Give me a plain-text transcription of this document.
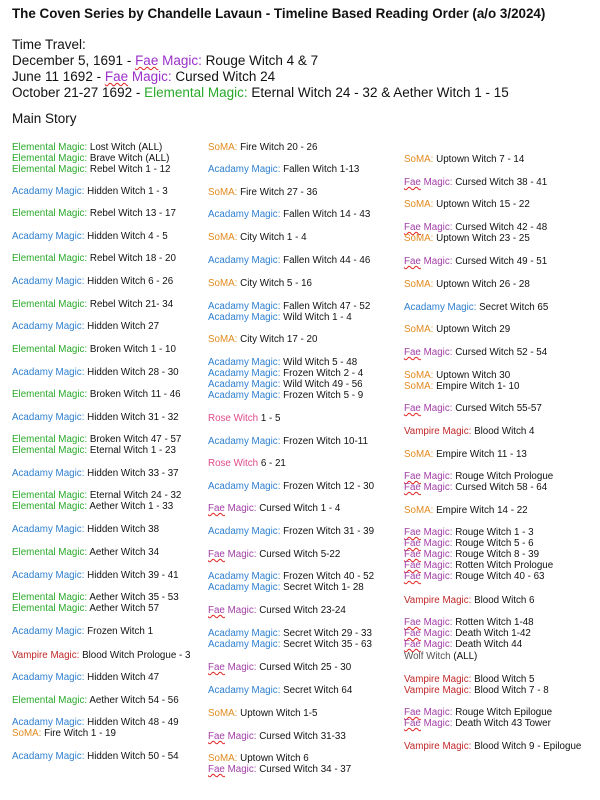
The Coven Series by Chandelle Lavaun - Timeline Based Reading Order (a/o 3/2024)
Time Travel:
December 5, 1691 - Fae Magic: Rouge Witch 4 & 7
June 11 1692 - Fae Magic: Cursed Witch 24
October 21-27 1692 - Elemental Magic: Eternal Witch 24 - 32 & Aether Witch 1 - 15
Main Story
Elemental Magic: Lost Witch (ALL)
Elemental Magic: Brave Witch (ALL)
Elemental Magic: Rebel Witch 1 - 12
Acadamy Magic: Hidden Witch 1 - 3
Elemental Magic: Rebel Witch 13 - 17
Acadamy Magic: Hidden Witch 4 - 5
Elemental Magic: Rebel Witch 18 - 20
Acadamy Magic: Hidden Witch 6 - 26
Elemental Magic: Rebel Witch 21- 34
Acadamy Magic: Hidden Witch 27
Elemental Magic: Broken Witch 1 - 10
Acadamy Magic: Hidden Witch 28 - 30
Elemental Magic: Broken Witch 11 - 46
Acadamy Magic: Hidden Witch 31 - 32
Elemental Magic: Broken Witch 47 - 57
Elemental Magic: Eternal Witch 1 - 23
Acadamy Magic: Hidden Witch 33 - 37
Elemental Magic: Eternal Witch 24 - 32
Elemental Magic: Aether Witch 1 - 33
Acadamy Magic: Hidden Witch 38
Elemental Magic: Aether Witch 34
Acadamy Magic: Hidden Witch 39 - 41
Elemental Magic: Aether Witch 35 - 53
Elemental Magic: Aether Witch 57
Acadamy Magic: Frozen Witch 1
Vampire Magic: Blood Witch Prologue - 3
Acadamy Magic: Hidden Witch 47
Elemental Magic: Aether Witch 54 - 56
Acadamy Magic: Hidden Witch 48 - 49
SoMA: Fire Witch 1 - 19
Acadamy Magic: Hidden Witch 50 - 54
SoMA: Fire Witch 20 - 26
Acadamy Magic: Fallen Witch 1-13
SoMA: Fire Witch 27 - 36
Acadamy Magic: Fallen Witch 14 - 43
SoMA: City Witch 1 - 4
Acadamy Magic: Fallen Witch 44 - 46
SoMA: City Witch 5 - 16
Acadamy Magic: Fallen Witch 47 - 52
Acadamy Magic: Wild Witch 1 - 4
SoMA: City Witch 17 - 20
Acadamy Magic: Wild Witch 5 - 48
Acadamy Magic: Frozen Witch 2 - 4
Acadamy Magic: Wild Witch 49 - 56
Acadamy Magic: Frozen Witch 5 - 9
Rose Witch 1 - 5
Acadamy Magic: Frozen Witch 10-11
Rose Witch 6 - 21
Acadamy Magic: Frozen Witch 12 - 30
Fae Magic: Cursed Witch 1 - 4
Acadamy Magic: Frozen Witch 31 - 39
Fae Magic: Cursed Witch 5-22
Acadamy Magic: Frozen Witch 40 - 52
Acadamy Magic: Secret Witch 1- 28
Fae Magic: Cursed Witch 23-24
Acadamy Magic: Secret Witch 29 - 33
Acadamy Magic: Secret Witch 35 - 63
Fae Magic: Cursed Witch 25 - 30
Acadamy Magic: Secret Witch 64
SoMA: Uptown Witch 1-5
Fae Magic: Cursed Witch 31-33
SoMA: Uptown Witch 6
Fae Magic: Cursed Witch 34 - 37
SoMA: Uptown Witch 7 - 14
Fae Magic: Cursed Witch 38 - 41
SoMA: Uptown Witch 15 - 22
Fae Magic: Cursed Witch 42 - 48
SoMA: Uptown Witch 23 - 25
Fae Magic: Cursed Witch 49 - 51
SoMA: Uptown Witch 26 - 28
Acadamy Magic: Secret Witch 65
SoMA: Uptown Witch 29
Fae Magic: Cursed Witch 52 - 54
SoMA: Uptown Witch 30
SoMA: Empire Witch 1- 10
Fae Magic: Cursed Witch 55-57
Vampire Magic: Blood Witch 4
SoMA: Empire Witch 11 - 13
Fae Magic: Rouge Witch Prologue
Fae Magic: Cursed Witch 58 - 64
SoMA: Empire Witch 14 - 22
Fae Magic: Rouge Witch 1 - 3
Fae Magic: Rouge Witch 5 - 6
Fae Magic: Rouge Witch 8 - 39
Fae Magic: Rotten Witch Prologue
Fae Magic: Rouge Witch 40 - 63
Vampire Magic: Blood Witch 6
Fae Magic: Rotten Witch 1-48
Fae Magic: Death Witch 1-42
Fae Magic: Death Witch 44
Wolf Witch (ALL)
Vampire Magic: Blood Witch 5
Vampire Magic: Blood Witch 7 - 8
Fae Magic: Rouge Witch Epilogue
Fae Magic: Death Witch 43 Tower
Vampire Magic: Blood Witch 9 - Epilogue
